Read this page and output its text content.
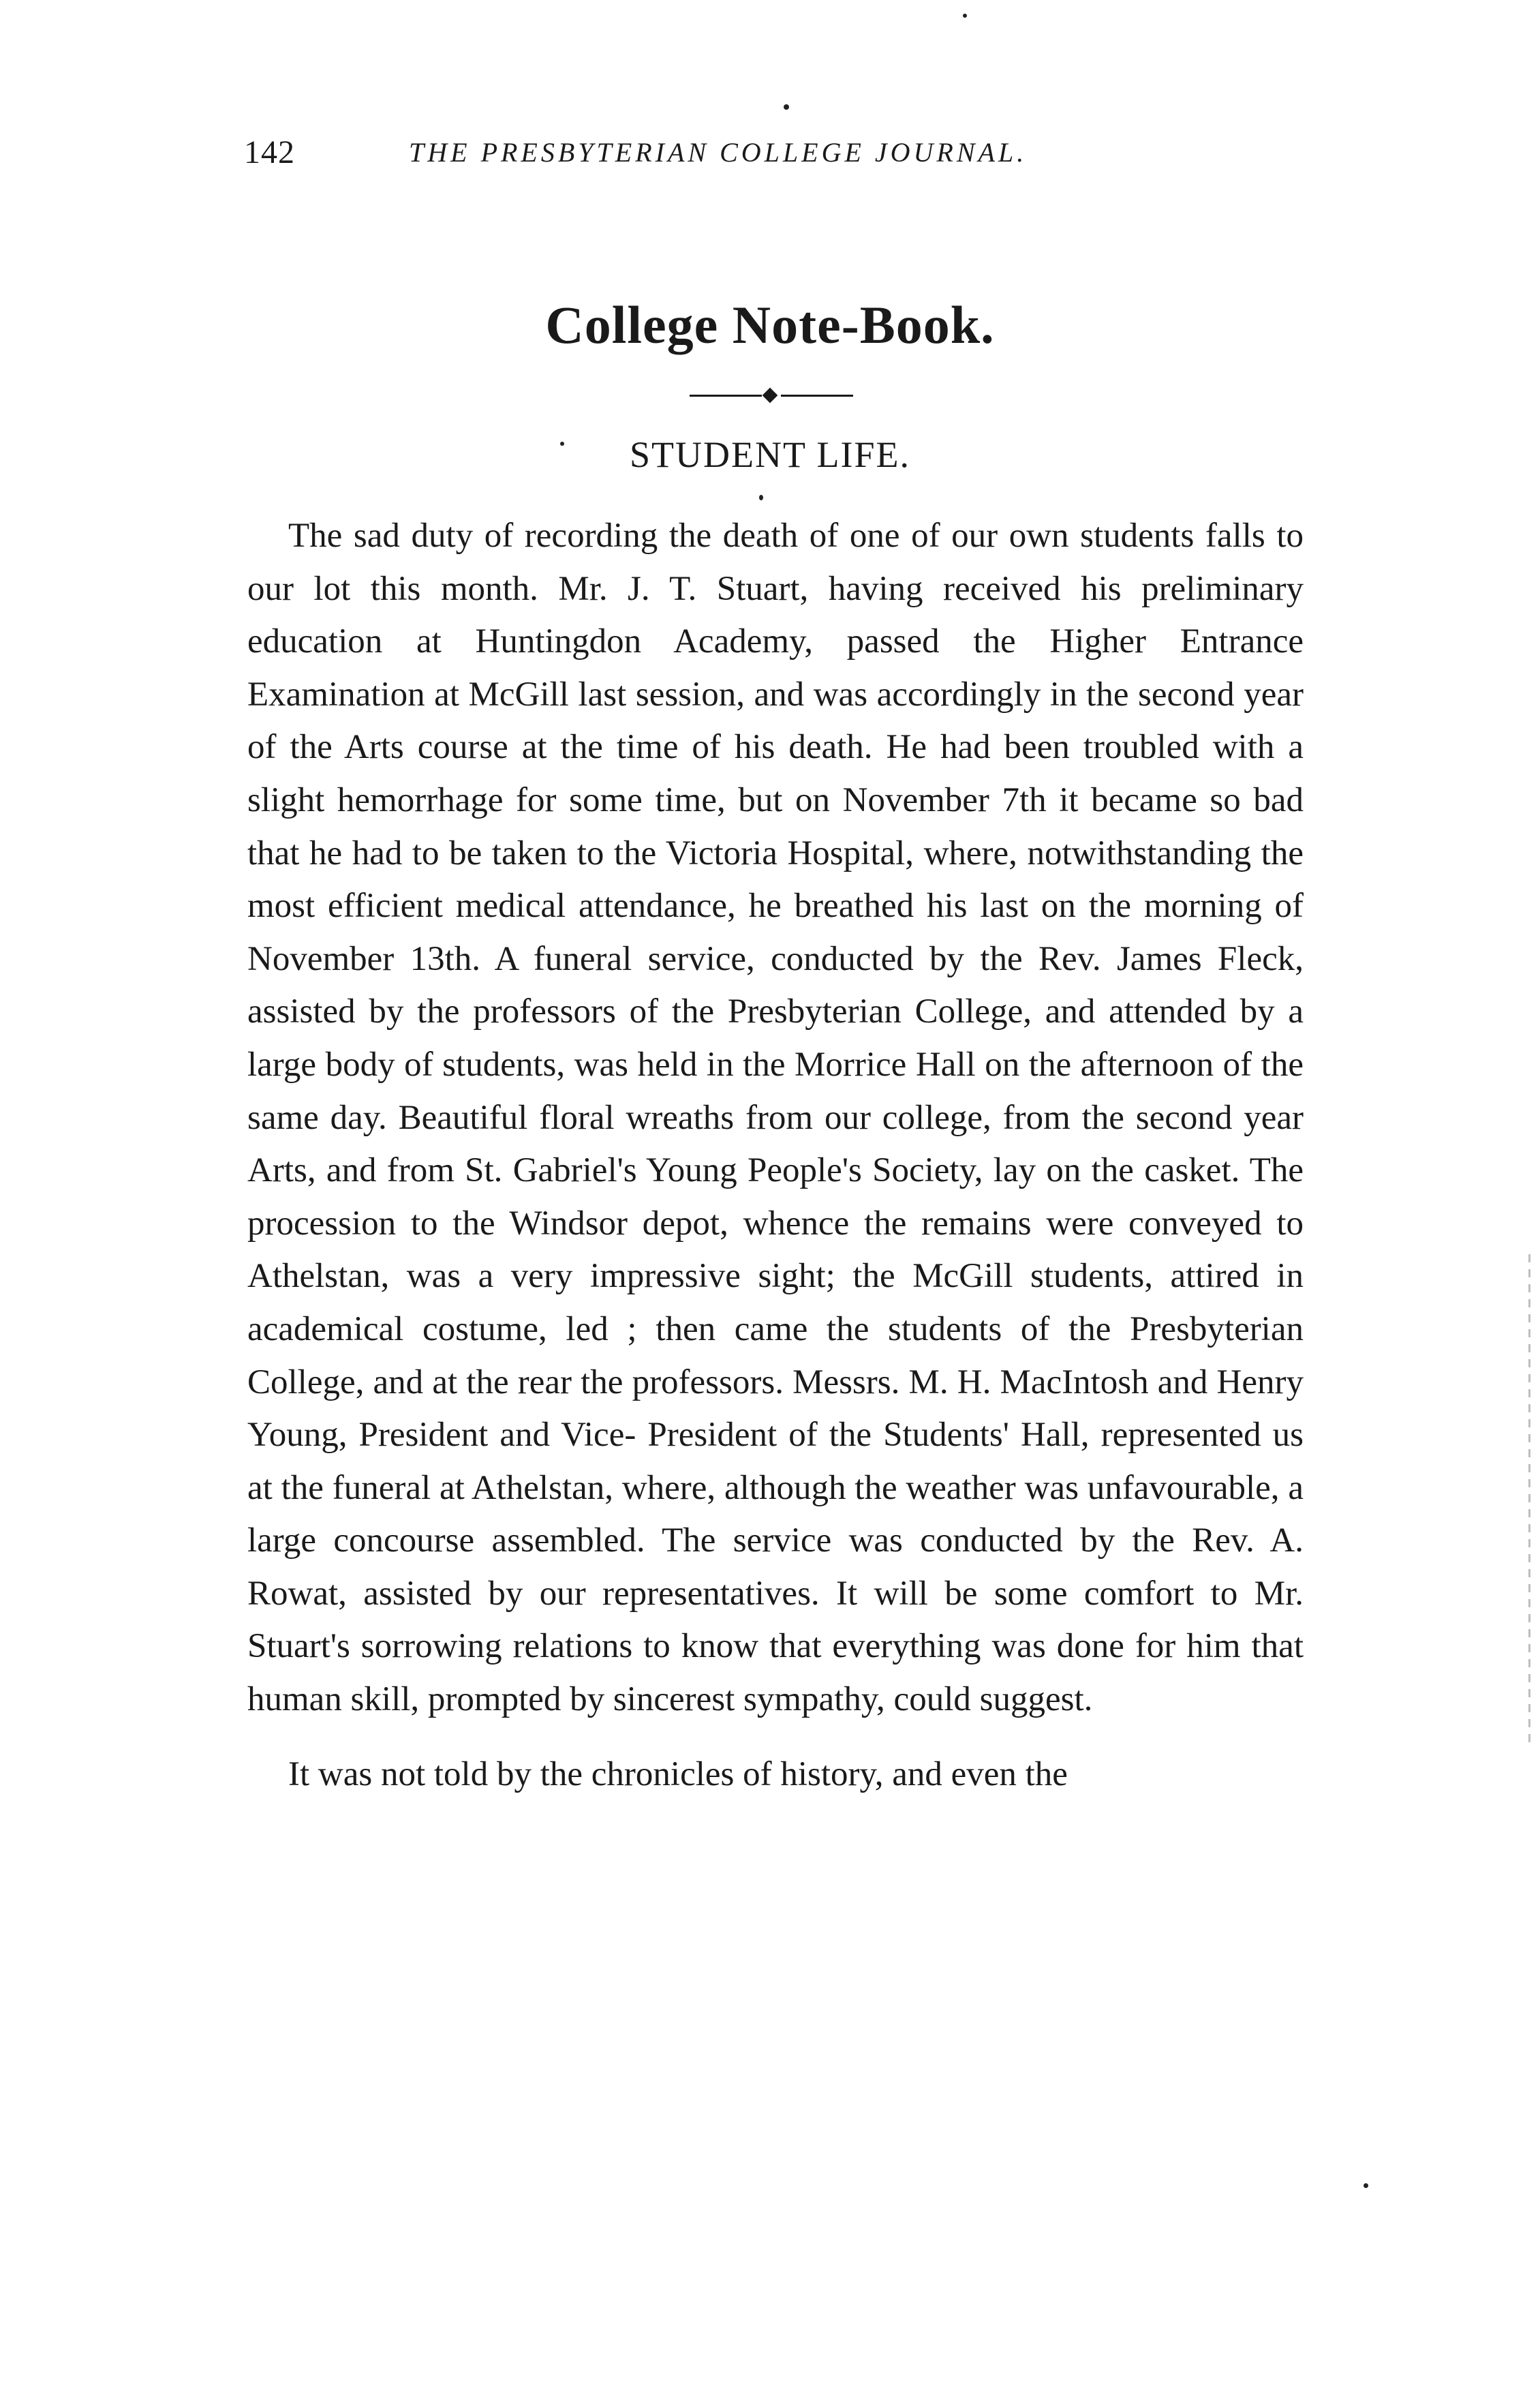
142	THE PRESBYTERIAN COLLEGE JOURNAL.
College Note-Book.
STUDENT LIFE.

The sad duty of recording the death of one of our own students falls to our lot this month. Mr. J. T. Stuart, having received his preliminary education at Huntingdon Academy, passed the Higher Entrance Examination at McGill last session, and was accordingly in the second year of the Arts course at the time of his death. He had been troubled with a slight hemorrhage for some time, but on November 7th it became so bad that he had to be taken to the Victoria Hospital, where, notwithstanding the most efficient medical attendance, he breathed his last on the morning of November 13th. A funeral service, conducted by the Rev. James Fleck, assisted by the professors of the Presbyterian College, and attended by a large body of students, was held in the Morrice Hall on the afternoon of the same day. Beautiful floral wreaths from our college, from the second year Arts, and from St. Gabriel's Young People's Society, lay on the casket. The procession to the Windsor depot, whence the remains were conveyed to Athelstan, was a very impressive sight; the McGill students, attired in academical costume, led ; then came the students of the Presbyterian College, and at the rear the professors. Messrs. M. H. MacIntosh and Henry Young, President and Vice- President of the Students' Hall, represented us at the funeral at Athelstan, where, although the weather was unfavourable, a large concourse assembled. The service was conducted by the Rev. A. Rowat, assisted by our representatives. It will be some comfort to Mr. Stuart's sorrowing relations to know that everything was done for him that human skill, prompted by sincerest sympathy, could suggest.

It was not told by the chronicles of history, and even the
